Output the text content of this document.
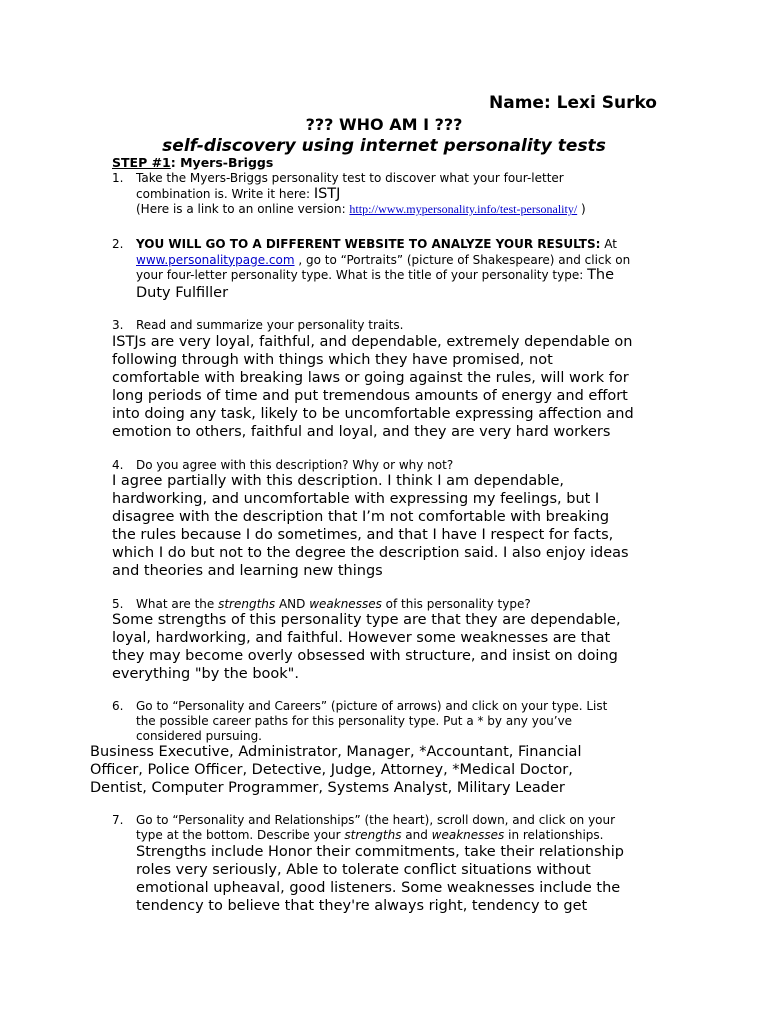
Name: Lexi Surko
??? WHO AM I ???
self-discovery using internet personality tests
STEP #1: Myers-Briggs
1. Take the Myers-Briggs personality test to discover what your four-letter
combination is. Write it here: ISTJ
(Here is a link to an online version: http://www.mypersonality.info/test-personality/ )
2. YOU WILL GO TO A DIFFERENT WEBSITE TO ANALYZE YOUR RESULTS: At
www.personalitypage.com , go to “Portraits” (picture of Shakespeare) and click on
your four-letter personality type. What is the title of your personality type: The
Duty Fulfiller
3. Read and summarize your personality traits.
ISTJs are very loyal, faithful, and dependable, extremely dependable on
following through with things which they have promised, not
comfortable with breaking laws or going against the rules, will work for
long periods of time and put tremendous amounts of energy and effort
into doing any task, likely to be uncomfortable expressing affection and
emotion to others, faithful and loyal, and they are very hard workers
4. Do you agree with this description? Why or why not?
I agree partially with this description. I think I am dependable,
hardworking, and uncomfortable with expressing my feelings, but I
disagree with the description that I’m not comfortable with breaking
the rules because I do sometimes, and that I have I respect for facts,
which I do but not to the degree the description said. I also enjoy ideas
and theories and learning new things
5. What are the strengths AND weaknesses of this personality type?
Some strengths of this personality type are that they are dependable,
loyal, hardworking, and faithful. However some weaknesses are that
they may become overly obsessed with structure, and insist on doing
everything "by the book".
6. Go to “Personality and Careers” (picture of arrows) and click on your type. List
the possible career paths for this personality type. Put a * by any you’ve
considered pursuing.
Business Executive, Administrator, Manager, *Accountant, Financial
Officer, Police Officer, Detective, Judge, Attorney, *Medical Doctor,
Dentist, Computer Programmer, Systems Analyst, Military Leader
7. Go to “Personality and Relationships” (the heart), scroll down, and click on your
type at the bottom. Describe your strengths and weaknesses in relationships.
Strengths include Honor their commitments, take their relationship
roles very seriously, Able to tolerate conflict situations without
emotional upheaval, good listeners. Some weaknesses include the
tendency to believe that they're always right, tendency to get
